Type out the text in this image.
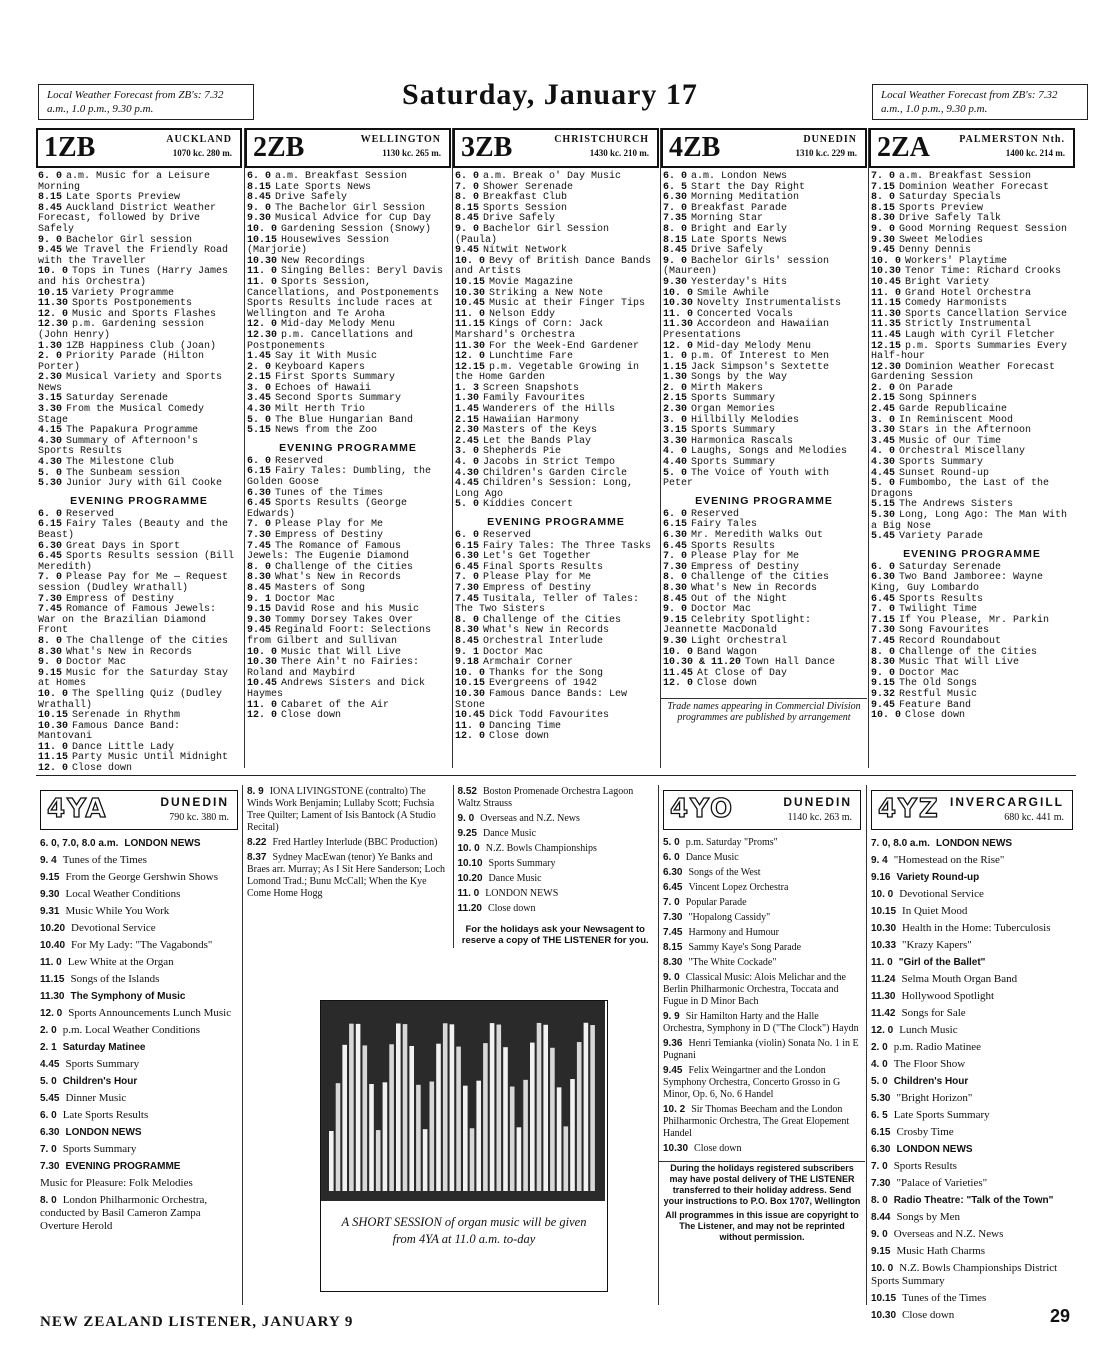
Local Weather Forecast from ZB's: 7.32 a.m., 1.0 p.m., 9.30 p.m.	Saturday, January 17	Local Weather Forecast from ZB's: 7.32 a.m., 1.0 p.m., 9.30 p.m.
1ZB	AUCKLAND
1070 kc. 280 m.
6. 0 a.m. Music for a Leisure Morning
8.15 Late Sports Preview
8.45 Auckland District Weather Forecast, followed by Drive Safely
9. 0 Bachelor Girl session
9.45 We Travel the Friendly Road with the Traveller
10. 0 Tops in Tunes (Harry James and his Orchestra)
10.15 Variety Programme
11.30 Sports Postponements
12. 0 Music and Sports Flashes
12.30 p.m. Gardening session (John Henry)
1.30 1ZB Happiness Club (Joan)
2. 0 Priority Parade (Hilton Porter)
2.30 Musical Variety and Sports News
3.15 Saturday Serenade
3.30 From the Musical Comedy Stage
4.15 The Papakura Programme
4.30 Summary of Afternoon's Sports Results
4.30 The Milestone Club
5. 0 The Sunbeam session
5.30 Junior Jury with Gil Cooke
EVENING PROGRAMME
6. 0 Reserved
6.15 Fairy Tales (Beauty and the Beast)
6.30 Great Days in Sport
6.45 Sports Results session (Bill Meredith)
7. 0 Please Pay for Me — Request session (Dudley Wrathall)
7.30 Empress of Destiny
7.45 Romance of Famous Jewels: War on the Brazilian Diamond Front
8. 0 The Challenge of the Cities
8.30 What's New in Records
9. 0 Doctor Mac
9.15 Music for the Saturday Stay at Homes
10. 0 The Spelling Quiz (Dudley Wrathall)
10.15 Serenade in Rhythm
10.30 Famous Dance Band: Mantovani
11. 0 Dance Little Lady
11.15 Party Music Until Midnight
12. 0 Close down
2ZB	WELLINGTON
1130 kc. 265 m.
6. 0 a.m. Breakfast Session
8.15 Late Sports News
8.45 Drive Safely
9. 0 The Bachelor Girl Session
9.30 Musical Advice for Cup Day
10. 0 Gardening Session (Snowy)
10.15 Housewives Session (Marjorie)
10.30 New Recordings
11. 0 Singing Belles: Beryl Davis
11. 0 Sports Session, Cancellations, and Postponements Sports Results include races at Wellington and Te Aroha
12. 0 Mid-day Melody Menu
12.30 p.m. Cancellations and Postponements
1.45 Say it With Music
2. 0 Keyboard Kapers
2.15 First Sports Summary
3. 0 Echoes of Hawaii
3.45 Second Sports Summary
4.30 Milt Herth Trio
5. 0 The Blue Hungarian Band
5.15 News from the Zoo
EVENING PROGRAMME
6. 0 Reserved
6.15 Fairy Tales: Dumbling, the Golden Goose
6.30 Tunes of the Times
6.45 Sports Results (George Edwards)
7. 0 Please Play for Me
7.30 Empress of Destiny
7.45 The Romance of Famous Jewels: The Eugenie Diamond
8. 0 Challenge of the Cities
8.30 What's New in Records
8.45 Masters of Song
9. 1 Doctor Mac
9.15 David Rose and his Music
9.30 Tommy Dorsey Takes Over
9.45 Reginald Foort: Selections from Gilbert and Sullivan
10. 0 Music that Will Live
10.30 There Ain't no Fairies: Roland and Maybird
10.45 Andrews Sisters and Dick Haymes
11. 0 Cabaret of the Air
12. 0 Close down
3ZB	CHRISTCHURCH
1430 kc. 210 m.
6. 0 a.m. Break o' Day Music
7. 0 Shower Serenade
8. 0 Breakfast Club
8.15 Sports Session
8.45 Drive Safely
9. 0 Bachelor Girl Session (Paula)
9.45 Nitwit Network
10. 0 Bevy of British Dance Bands and Artists
10.15 Movie Magazine
10.30 Striking a New Note
10.45 Music at their Finger Tips
11. 0 Nelson Eddy
11.15 Kings of Corn: Jack Marshard's Orchestra
11.30 For the Week-End Gardener
12. 0 Lunchtime Fare
12.15 p.m. Vegetable Growing in the Home Garden
1. 3 Screen Snapshots
1.30 Family Favourites
1.45 Wanderers of the Hills
2.15 Hawaiian Harmony
2.30 Masters of the Keys
2.45 Let the Bands Play
3. 0 Shepherds Pie
4. 0 Jacobs in Strict Tempo
4.30 Children's Garden Circle
4.45 Children's Session: Long, Long Ago
5. 0 Kiddies Concert
EVENING PROGRAMME
6. 0 Reserved
6.15 Fairy Tales: The Three Tasks
6.30 Let's Get Together
6.45 Final Sports Results
7. 0 Please Play for Me
7.30 Empress of Destiny
7.45 Tusitala, Teller of Tales: The Two Sisters
8. 0 Challenge of the Cities
8.30 What's New in Records
8.45 Orchestral Interlude
9. 1 Doctor Mac
9.18 Armchair Corner
10. 0 Thanks for the Song
10.15 Evergreens of 1942
10.30 Famous Dance Bands: Lew Stone
10.45 Dick Todd Favourites
11. 0 Dancing Time
12. 0 Close down
4ZB	DUNEDIN
1310 k.c. 229 m.
6. 0 a.m. London News
6. 5 Start the Day Right
6.30 Morning Meditation
7. 0 Breakfast Parade
7.35 Morning Star
8. 0 Bright and Early
8.15 Late Sports News
8.45 Drive Safely
9. 0 Bachelor Girls' session (Maureen)
9.30 Yesterday's Hits
10. 0 Smile Awhile
10.30 Novelty Instrumentalists
11. 0 Concerted Vocals
11.30 Accordeon and Hawaiian Presentations
12. 0 Mid-day Melody Menu
1. 0 p.m. Of Interest to Men
1.15 Jack Simpson's Sextette
1.30 Songs by the Way
2. 0 Mirth Makers
2.15 Sports Summary
2.30 Organ Memories
3. 0 Hillbilly Melodies
3.15 Sports Summary
3.30 Harmonica Rascals
4. 0 Laughs, Songs and Melodies
4.40 Sports Summary
5. 0 The Voice of Youth with Peter
EVENING PROGRAMME
6. 0 Reserved
6.15 Fairy Tales
6.30 Mr. Meredith Walks Out
6.45 Sports Results
7. 0 Please Play for Me
7.30 Empress of Destiny
8. 0 Challenge of the Cities
8.30 What's New in Records
8.45 Out of the Night
9. 0 Doctor Mac
9.15 Celebrity Spotlight: Jeannette MacDonald
9.30 Light Orchestral
10. 0 Band Wagon
10.30 & 11.20 Town Hall Dance
11.45 At Close of Day
12. 0 Close down
Trade names appearing in Commercial Division programmes are published by arrangement
2ZA	PALMERSTON Nth.
1400 kc. 214 m.
7. 0 a.m. Breakfast Session
7.15 Dominion Weather Forecast
8. 0 Saturday Specials
8.15 Sports Preview
8.30 Drive Safely Talk
9. 0 Good Morning Request Session
9.30 Sweet Melodies
9.45 Denny Dennis
10. 0 Workers' Playtime
10.30 Tenor Time: Richard Crooks
10.45 Bright Variety
11. 0 Grand Hotel Orchestra
11.15 Comedy Harmonists
11.30 Sports Cancellation Service
11.35 Strictly Instrumental
11.45 Laugh with Cyril Fletcher
12.15 p.m. Sports Summaries Every Half-hour
12.30 Dominion Weather Forecast Gardening Session
2. 0 On Parade
2.15 Song Spinners
2.45 Garde Republicaine
3. 0 In Reminiscent Mood
3.30 Stars in the Afternoon
3.45 Music of Our Time
4. 0 Orchestral Miscellany
4.30 Sports Summary
4.45 Sunset Round-up
5. 0 Fumbombo, the Last of the Dragons
5.15 The Andrews Sisters
5.30 Long, Long Ago: The Man With a Big Nose
5.45 Variety Parade
EVENING PROGRAMME
6. 0 Saturday Serenade
6.30 Two Band Jamboree: Wayne King, Guy Lombardo
6.45 Sports Results
7. 0 Twilight Time
7.15 If You Please, Mr. Parkin
7.30 Song Favourites
7.45 Record Roundabout
8. 0 Challenge of the Cities
8.30 Music That Will Live
9. 0 Doctor Mac
9.15 The Old Songs
9.32 Restful Music
9.45 Feature Band
10. 0 Close down
4YA	DUNEDIN
790 kc. 380 m.
6. 0, 7.0, 8.0 a.m. LONDON NEWS
9. 4 Tunes of the Times
9.15 From the George Gershwin Shows
9.30 Local Weather Conditions
9.31 Music While You Work
10.20 Devotional Service
10.40 For My Lady: "The Vagabonds"
11. 0 Lew White at the Organ
11.15 Songs of the Islands
11.30 The Symphony of Music
12. 0 Sports Announcements Lunch Music
2. 0 p.m. Local Weather Conditions
2. 1 Saturday Matinee
4.45 Sports Summary
5. 0 Children's Hour
5.45 Dinner Music
6. 0 Late Sports Results
6.30 LONDON NEWS
7. 0 Sports Summary
7.30 EVENING PROGRAMME
Music for Pleasure: Folk Melodies
8. 0 London Philharmonic Orchestra, conducted by Basil Cameron Zampa Overture Herold
8. 9 IONA LIVINGSTONE (contralto) The Winds Work Benjamin; Lullaby Scott; Fuchsia Tree Quilter; Lament of Isis Bantock (A Studio Recital)
8.22 Fred Hartley Interlude (BBC Production)
8.37 Sydney MacEwan (tenor) Ye Banks and Braes arr. Murray; As I Sit Here Sanderson; Loch Lomond Trad.; Bunu McCall; When the Kye Come Home Hogg
8.52 Boston Promenade Orchestra Lagoon Waltz Strauss
9. 0 Overseas and N.Z. News
9.25 Dance Music
10. 0 N.Z. Bowls Championships
10.10 Sports Summary
10.20 Dance Music
11. 0 LONDON NEWS
11.20 Close down
For the holidays ask your Newsagent to reserve a copy of THE LISTENER for you.
A SHORT SESSION of organ music will be given from 4YA at 11.0 a.m. to-day
4YO	DUNEDIN
1140 kc. 263 m.
5. 0 p.m. Saturday "Proms"
6. 0 Dance Music
6.30 Songs of the West
6.45 Vincent Lopez Orchestra
7. 0 Popular Parade
7.30 "Hopalong Cassidy"
7.45 Harmony and Humour
8.15 Sammy Kaye's Song Parade
8.30 "The White Cockade"
9. 0 Classical Music: Alois Melichar and the Berlin Philharmonic Orchestra, Toccata and Fugue in D Minor Bach
9. 9 Sir Hamilton Harty and the Halle Orchestra, Symphony in D ("The Clock") Haydn
9.36 Henri Temianka (violin) Sonata No. 1 in E Pugnani
9.45 Felix Weingartner and the London Symphony Orchestra, Concerto Grosso in G Minor, Op. 6, No. 6 Handel
10. 2 Sir Thomas Beecham and the London Philharmonic Orchestra, The Great Elopement Handel
10.30 Close down
During the holidays registered subscribers may have postal delivery of THE LISTENER transferred to their holiday address. Send your instructions to P.O. Box 1707, Wellington
All programmes in this issue are copyright to The Listener, and may not be reprinted without permission.
4YZ INVERCARGILL
680 kc. 441 m.
7. 0, 8.0 a.m. LONDON NEWS
9. 4 "Homestead on the Rise"
9.16 Variety Round-up
10. 0 Devotional Service
10.15 In Quiet Mood
10.30 Health in the Home: Tuberculosis
10.33 "Krazy Kapers"
11. 0 "Girl of the Ballet"
11.24 Selma Mouth Organ Band
11.30 Hollywood Spotlight
11.42 Songs for Sale
12. 0 Lunch Music
2. 0 p.m. Radio Matinee
4. 0 The Floor Show
5. 0 Children's Hour
5.30 "Bright Horizon"
6. 5 Late Sports Summary
6.15 Crosby Time
6.30 LONDON NEWS
7. 0 Sports Results
7.30 "Palace of Varieties"
8. 0 Radio Theatre: "Talk of the Town"
8.44 Songs by Men
9. 0 Overseas and N.Z. News
9.15 Music Hath Charms
10. 0 N.Z. Bowls Championships District Sports Summary
10.15 Tunes of the Times
10.30 Close down
NEW ZEALAND LISTENER, JANUARY 9	29
